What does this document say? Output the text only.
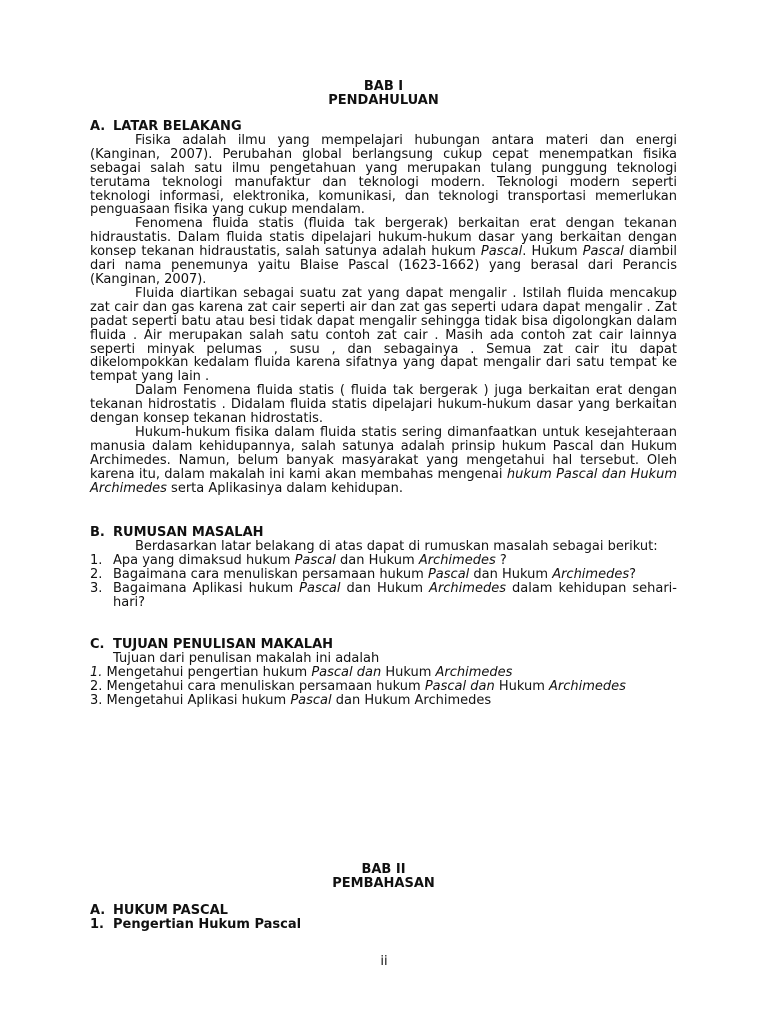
BAB I
PENDAHULUAN
A. LATAR BELAKANG

Fisika adalah ilmu yang mempelajari hubungan antara materi dan energi (Kanginan, 2007). Perubahan global berlangsung cukup cepat menempatkan fisika sebagai salah satu ilmu pengetahuan yang merupakan tulang punggung teknologi terutama teknologi manufaktur dan teknologi modern. Teknologi modern seperti teknologi informasi, elektronika, komunikasi, dan teknologi transportasi memerlukan penguasaan fisika yang cukup mendalam.

Fenomena fluida statis (fluida tak bergerak) berkaitan erat dengan tekanan hidraustatis. Dalam fluida statis dipelajari hukum-hukum dasar yang berkaitan dengan konsep tekanan hidraustatis, salah satunya adalah hukum Pascal. Hukum Pascal diambil dari nama penemunya yaitu Blaise Pascal (1623-1662) yang berasal dari Perancis (Kanginan, 2007).

Fluida diartikan sebagai suatu zat yang dapat mengalir . Istilah fluida mencakup zat cair dan gas karena zat cair seperti air dan zat gas seperti udara dapat mengalir . Zat padat seperti batu atau besi tidak dapat mengalir sehingga tidak bisa digolongkan dalam fluida . Air merupakan salah satu contoh zat cair . Masih ada contoh zat cair lainnya seperti minyak pelumas , susu , dan sebagainya . Semua zat cair itu dapat dikelompokkan kedalam fluida karena sifatnya yang dapat mengalir dari satu tempat ke tempat yang lain .

Dalam Fenomena fluida statis ( fluida tak bergerak ) juga berkaitan erat dengan tekanan hidrostatis . Didalam fluida statis dipelajari hukum-hukum dasar yang berkaitan dengan konsep tekanan hidrostatis.

Hukum-hukum fisika dalam fluida statis sering dimanfaatkan untuk kesejahteraan manusia dalam kehidupannya, salah satunya adalah prinsip hukum Pascal dan Hukum Archimedes. Namun, belum banyak masyarakat yang mengetahui hal tersebut. Oleh karena itu, dalam makalah ini kami akan membahas mengenai hukum Pascal dan Hukum Archimedes serta Aplikasinya dalam kehidupan.

B. RUMUSAN MASALAH

Berdasarkan latar belakang di atas dapat di rumuskan masalah sebagai berikut:

1. Apa yang dimaksud hukum Pascal dan Hukum Archimedes ?
2. Bagaimana cara menuliskan persamaan hukum Pascal dan Hukum Archimedes?
3. Bagaimana Aplikasi hukum Pascal dan Hukum Archimedes dalam kehidupan sehari-hari?
C. TUJUAN PENULISAN MAKALAH
Tujuan dari penulisan makalah ini adalah
1. Mengetahui pengertian hukum Pascal dan Hukum Archimedes
2. Mengetahui cara menuliskan persamaan hukum Pascal dan Hukum Archimedes
3. Mengetahui Aplikasi hukum Pascal dan Hukum Archimedes
BAB II
PEMBAHASAN
A. HUKUM PASCAL
1. Pengertian Hukum Pascal
ii
